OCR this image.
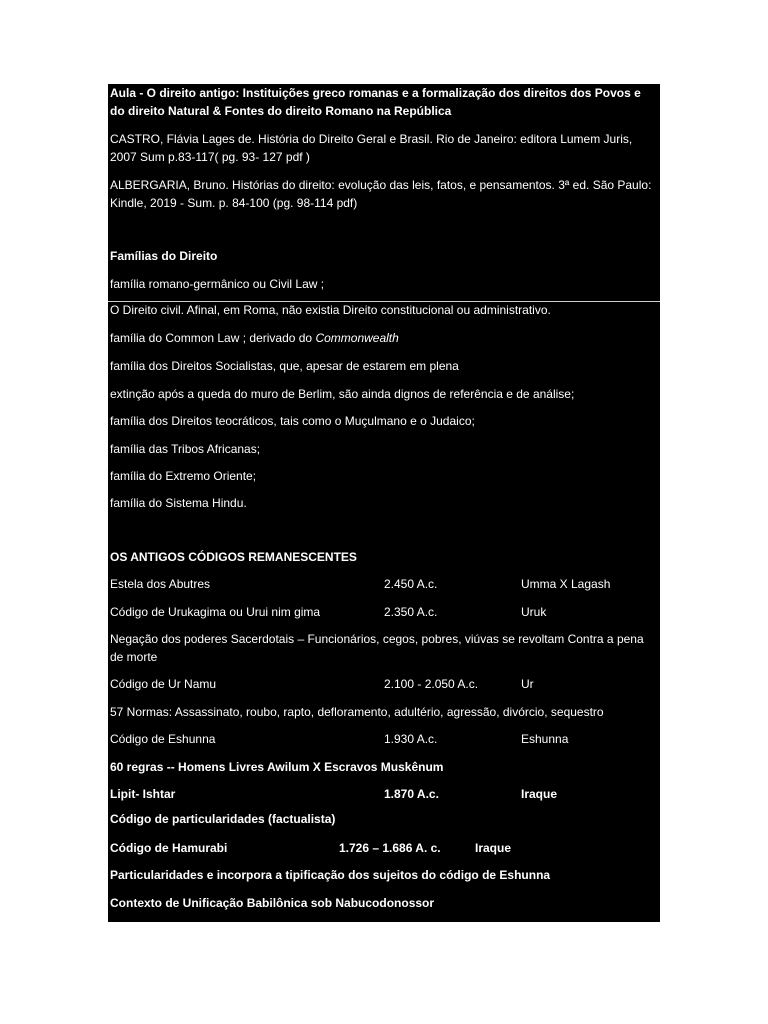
Aula - O direito antigo: Instituições greco romanas e a formalização dos direitos dos Povos e do direito Natural & Fontes do direito Romano na República
CASTRO, Flávia Lages de. História do Direito Geral e Brasil. Rio de Janeiro: editora Lumem Juris, 2007 Sum p.83-117( pg. 93- 127 pdf )
ALBERGARIA, Bruno. Histórias do direito: evolução das leis, fatos, e pensamentos. 3ª ed. São Paulo: Kindle, 2019 - Sum. p. 84-100 (pg. 98-114 pdf)
Famílias do Direito
família romano-germânico ou Civil Law ;
O Direito civil. Afinal, em Roma, não existia Direito constitucional ou administrativo.
família do Common Law ; derivado do Commonwealth
família dos Direitos Socialistas, que, apesar de estarem em plena
extinção após a queda do muro de Berlim, são ainda dignos de referência e de análise;
família dos Direitos teocráticos, tais como o Muçulmano e o Judaico;
família das Tribos Africanas;
família do Extremo Oriente;
família do Sistema Hindu.
OS ANTIGOS CÓDIGOS REMANESCENTES
Estela dos Abutres	2.450 A.c.	Umma X Lagash
Código de Urukagima ou Urui nim gima	2.350 A.c.	Uruk
Negação dos poderes Sacerdotais – Funcionários, cegos, pobres, viúvas se revoltam Contra a pena de morte
Código de Ur Namu	2.100 - 2.050 A.c.	Ur
57 Normas: Assassinato, roubo, rapto, defloramento, adultério, agressão, divórcio, sequestro
Código de Eshunna	1.930 A.c.	Eshunna
60 regras -- Homens Livres Awilum X Escravos Muskênum
Lipit- Ishtar	1.870 A.c.	Iraque
Código de particularidades (factualista)
Código de Hamurabi	1.726 – 1.686 A. c.	Iraque
Particularidades e incorpora a tipificação dos sujeitos do código de Eshunna
Contexto de Unificação Babilônica sob Nabucodonossor
